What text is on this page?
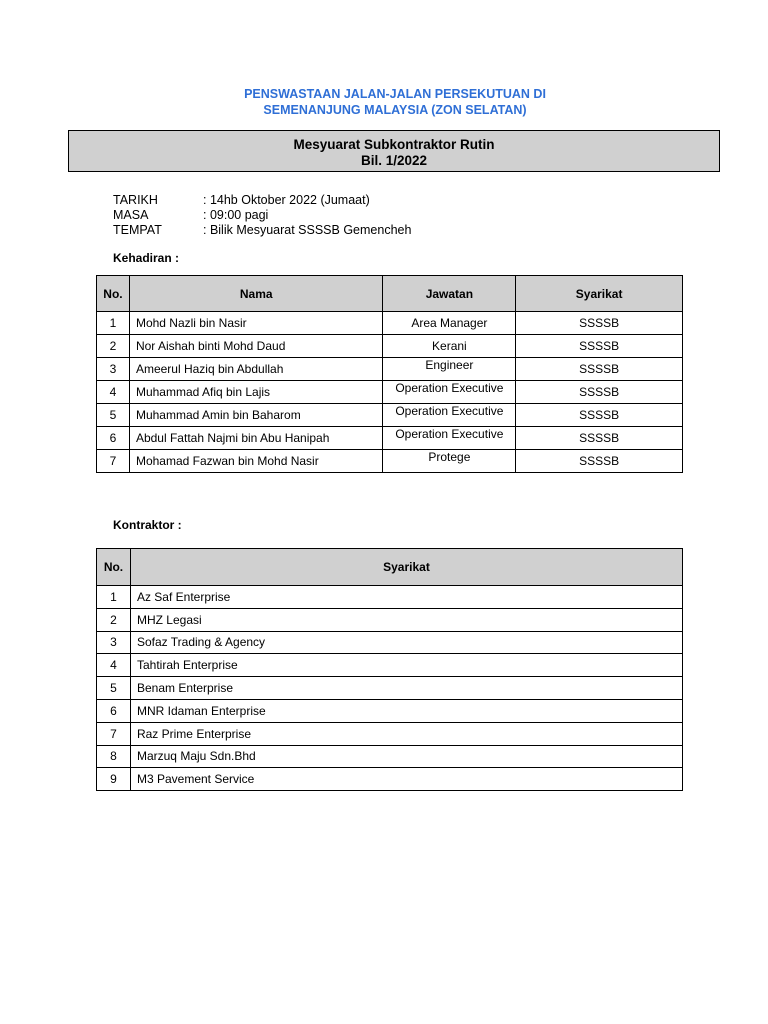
PENSWASTAAN JALAN-JALAN PERSEKUTUAN DI
SEMENANJUNG MALAYSIA (ZON SELATAN)
Mesyuarat Subkontraktor Rutin
Bil. 1/2022
TARIKH	: 14hb Oktober 2022 (Jumaat)
MASA	: 09:00 pagi
TEMPAT	: Bilik Mesyuarat SSSSB Gemencheh
Kehadiran :
No.	Nama	Jawatan	Syarikat
1	Mohd Nazli bin Nasir	Area Manager	SSSSB
2	Nor Aishah binti Mohd Daud	Kerani	SSSSB
3	Ameerul Haziq bin Abdullah	Engineer	SSSSB
4	Muhammad Afiq bin Lajis	Operation Executive	SSSSB
5	Muhammad Amin bin Baharom	Operation Executive	SSSSB
6	Abdul Fattah Najmi bin Abu Hanipah	Operation Executive	SSSSB
7	Mohamad Fazwan bin Mohd Nasir	Protege	SSSSB
Kontraktor :
No.	Syarikat
1	Az Saf Enterprise
2	MHZ Legasi
3	Sofaz Trading & Agency
4	Tahtirah Enterprise
5	Benam Enterprise
6	MNR Idaman Enterprise
7	Raz Prime Enterprise
8	Marzuq Maju Sdn.Bhd
9	M3 Pavement Service
